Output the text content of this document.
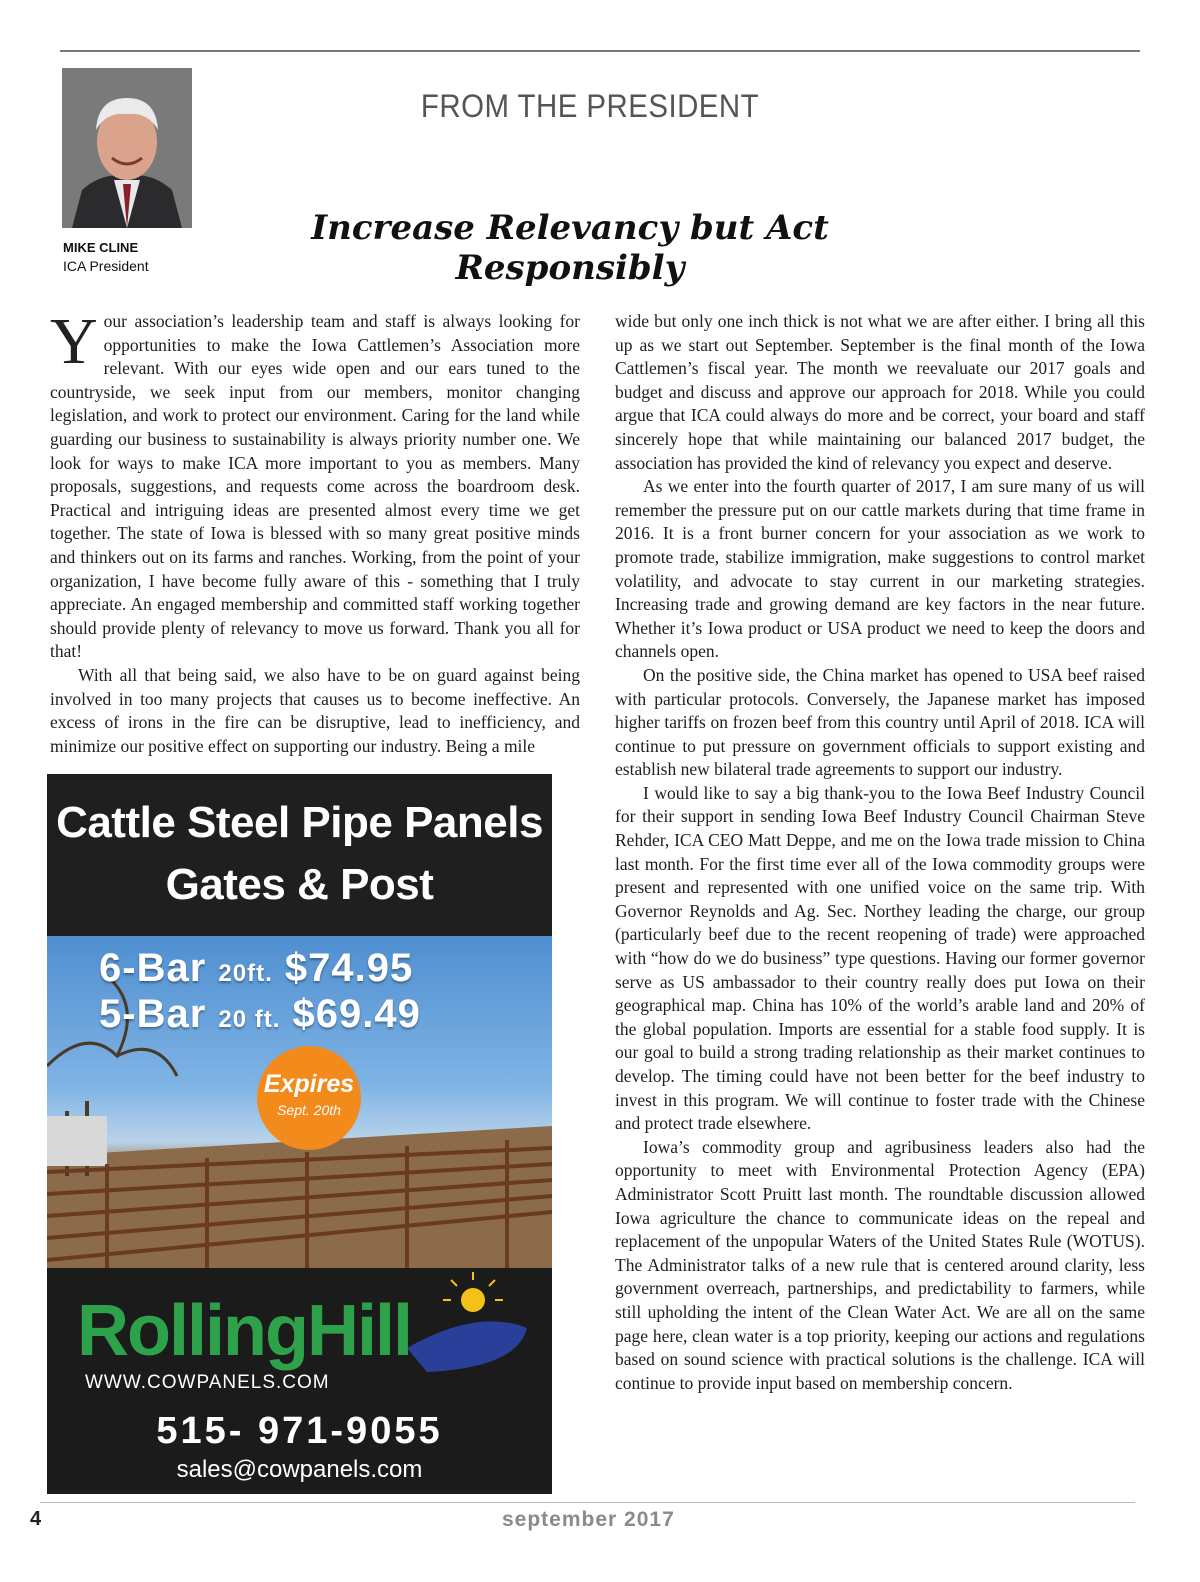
MIKE CLINE
ICA President
FROM THE PRESIDENT
Increase Relevancy but Act Responsibly

Your association’s leadership team and staff is always looking for opportunities to make the Iowa Cattlemen’s Association more relevant. With our eyes wide open and our ears tuned to the countryside, we seek input from our members, monitor changing legislation, and work to protect our environment. Caring for the land while guarding our business to sustainability is always priority number one. We look for ways to make ICA more important to you as members. Many proposals, suggestions, and requests come across the boardroom desk. Practical and intriguing ideas are presented almost every time we get together. The state of Iowa is blessed with so many great positive minds and thinkers out on its farms and ranches. Working, from the point of your organization, I have become fully aware of this - something that I truly appreciate. An engaged membership and committed staff working together should provide plenty of relevancy to move us forward. Thank you all for that!

With all that being said, we also have to be on guard against being involved in too many projects that causes us to become ineffective. An excess of irons in the fire can be disruptive, lead to inefficiency, and minimize our positive effect on supporting our industry. Being a mile

wide but only one inch thick is not what we are after either. I bring all this up as we start out September. September is the final month of the Iowa Cattlemen’s fiscal year. The month we reevaluate our 2017 goals and budget and discuss and approve our approach for 2018. While you could argue that ICA could always do more and be correct, your board and staff sincerely hope that while maintaining our balanced 2017 budget, the association has provided the kind of relevancy you expect and deserve.

As we enter into the fourth quarter of 2017, I am sure many of us will remember the pressure put on our cattle markets during that time frame in 2016. It is a front burner concern for your association as we work to promote trade, stabilize immigration, make suggestions to control market volatility, and advocate to stay current in our marketing strategies. Increasing trade and growing demand are key factors in the near future. Whether it’s Iowa product or USA product we need to keep the doors and channels open.

On the positive side, the China market has opened to USA beef raised with particular protocols. Conversely, the Japanese market has imposed higher tariffs on frozen beef from this country until April of 2018. ICA will continue to put pressure on government officials to support existing and establish new bilateral trade agreements to support our industry.

I would like to say a big thank-you to the Iowa Beef Industry Council for their support in sending Iowa Beef Industry Council Chairman Steve Rehder, ICA CEO Matt Deppe, and me on the Iowa trade mission to China last month. For the first time ever all of the Iowa commodity groups were present and represented with one unified voice on the same trip. With Governor Reynolds and Ag. Sec. Northey leading the charge, our group (particularly beef due to the recent reopening of trade) were approached with “how do we do business” type questions. Having our former governor serve as US ambassador to their country really does put Iowa on their geographical map. China has 10% of the world’s arable land and 20% of the global population. Imports are essential for a stable food supply. It is our goal to build a strong trading relationship as their market continues to develop. The timing could have not been better for the beef industry to invest in this program. We will continue to foster trade with the Chinese and protect trade elsewhere.

Iowa’s commodity group and agribusiness leaders also had the opportunity to meet with Environmental Protection Agency (EPA) Administrator Scott Pruitt last month. The roundtable discussion allowed Iowa agriculture the chance to communicate ideas on the repeal and replacement of the unpopular Waters of the United States Rule (WOTUS). The Administrator talks of a new rule that is centered around clarity, less government overreach, partnerships, and predictability to farmers, while still upholding the intent of the Clean Water Act. We are all on the same page here, clean water is a top priority, keeping our actions and regulations based on sound science with practical solutions is the challenge. ICA will continue to provide input based on membership concern.

Cattle Steel Pipe Panels
Gates & Post
6-Bar 20ft. $74.95
5-Bar 20 ft. $69.49
Expires
Sept. 20th
RollingHill
WWW.COWPANELS.COM
515- 971-9055
sales@cowpanels.com
4	september 2017
